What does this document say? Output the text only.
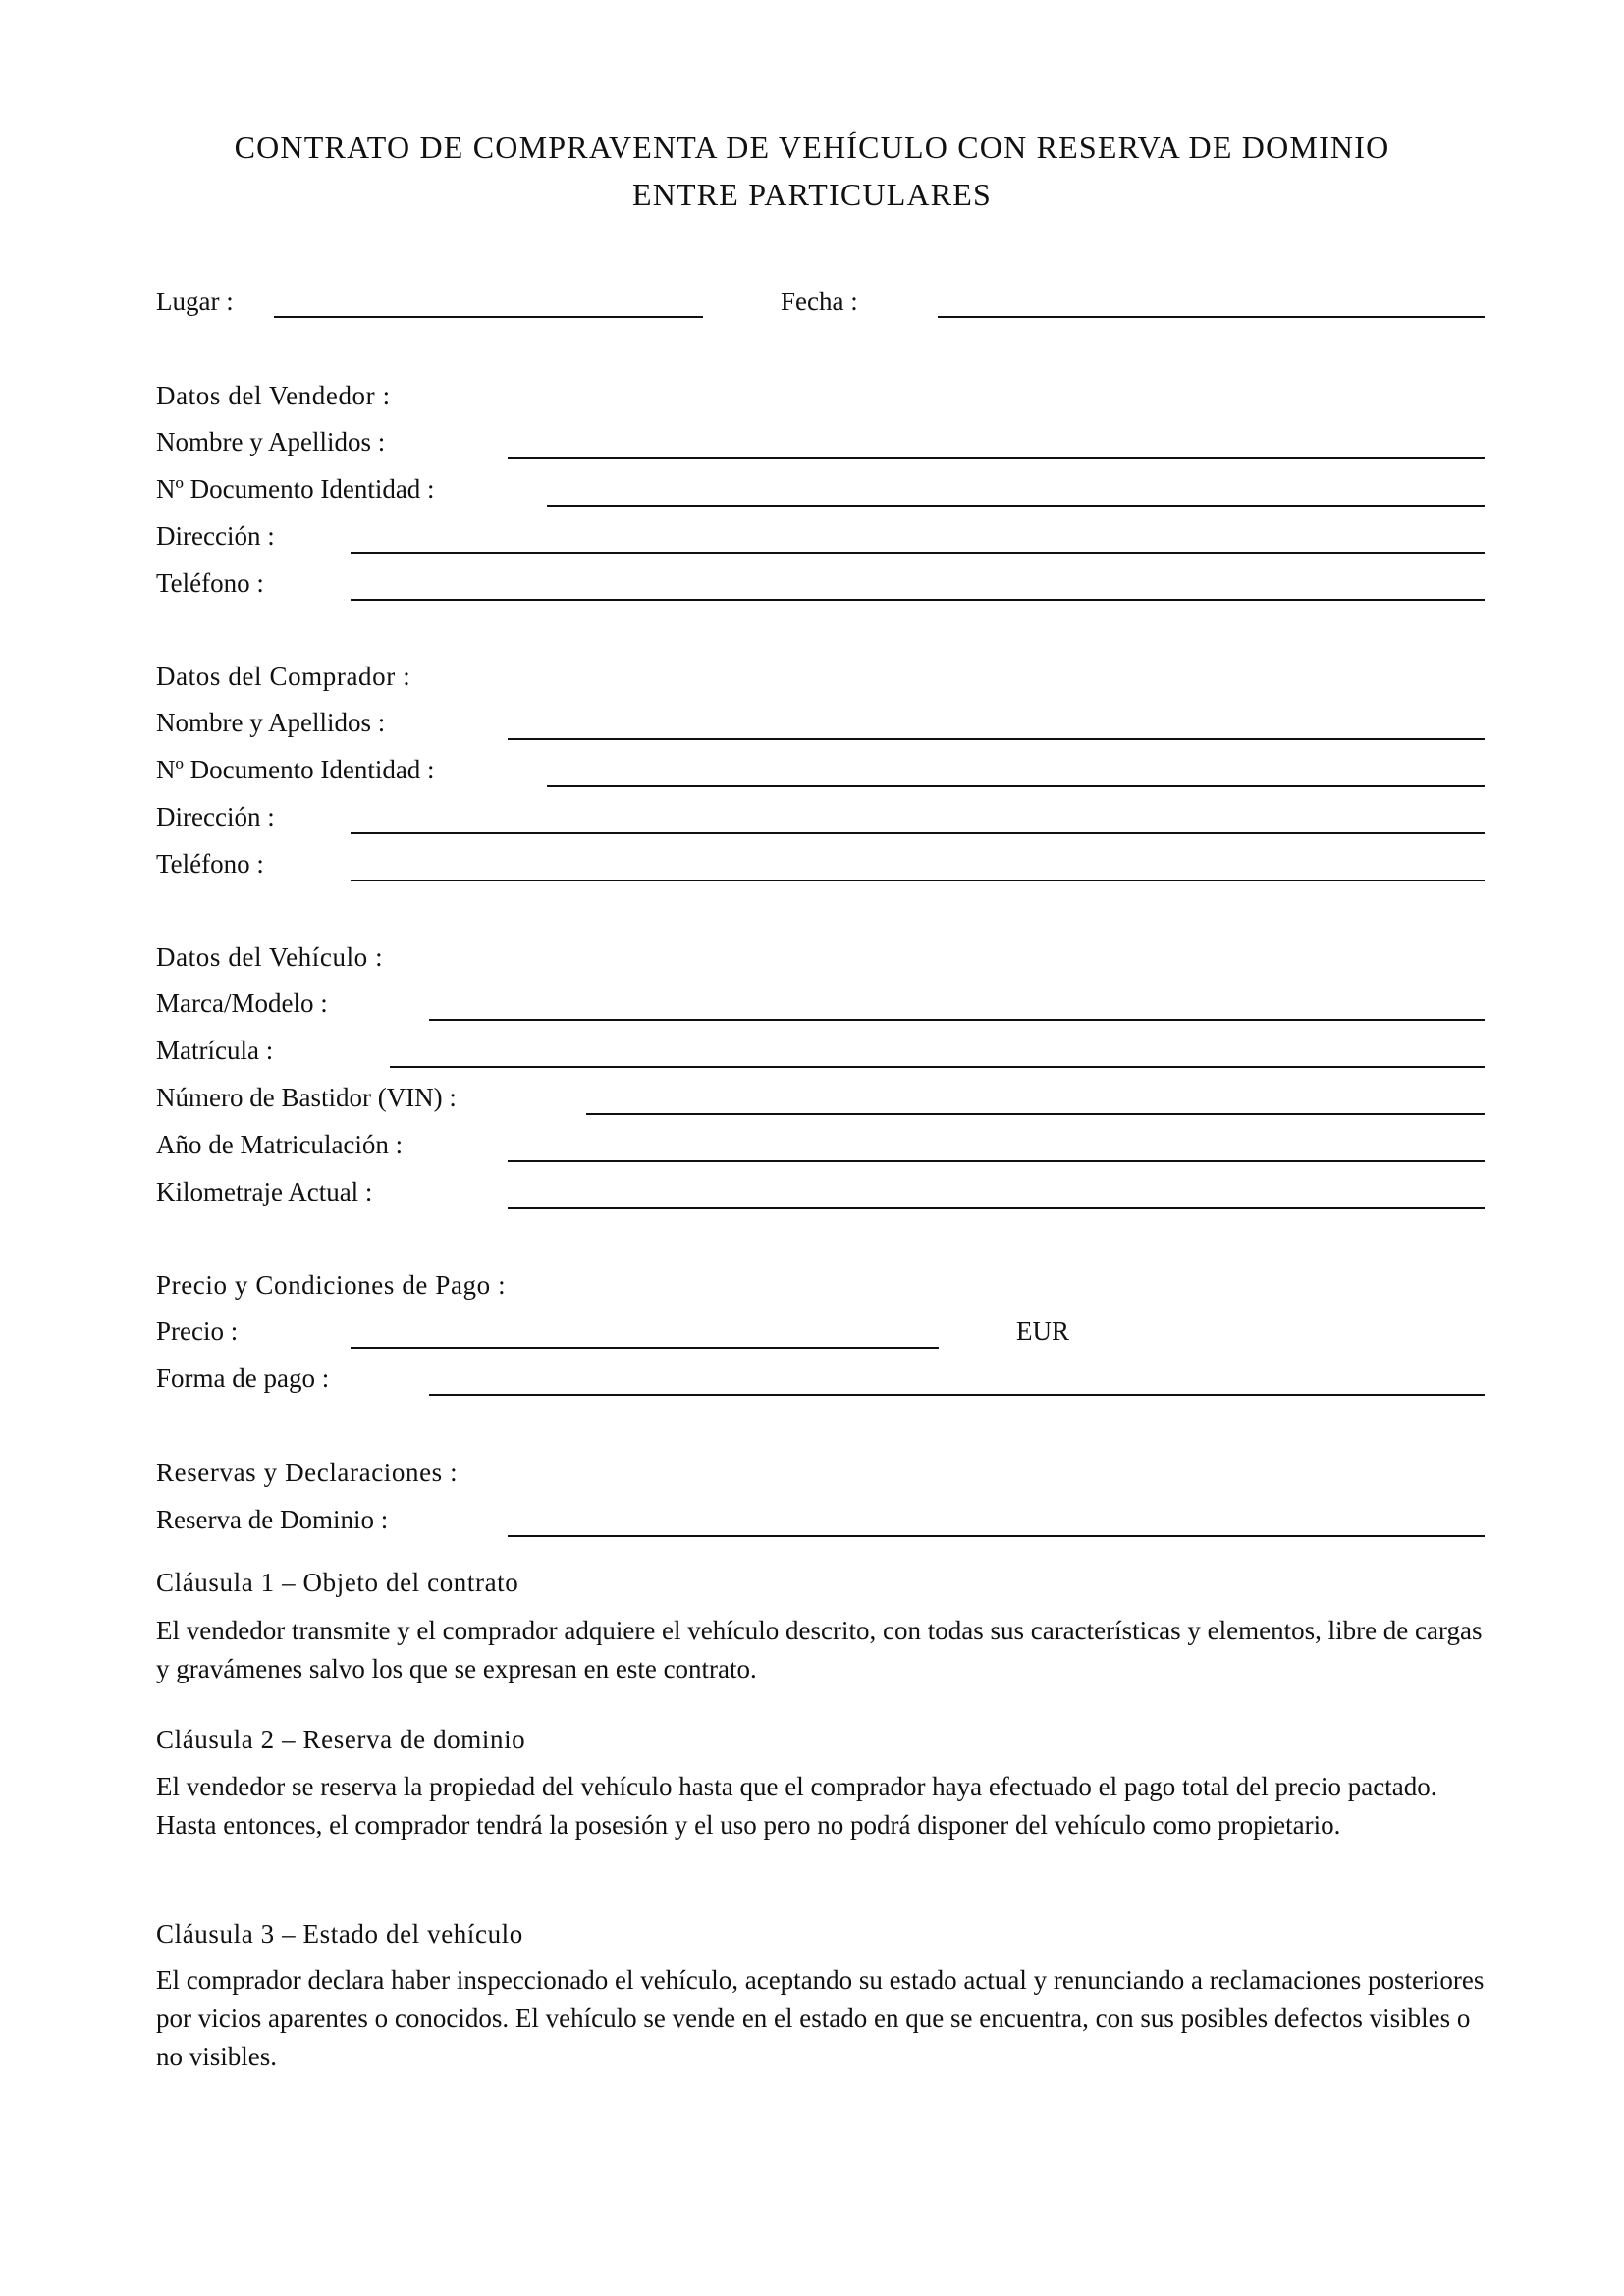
CONTRATO DE COMPRAVENTA DE VEHÍCULO CON RESERVA DE DOMINIO
ENTRE PARTICULARES
Lugar :	Fecha :
Datos del Vendedor :
Nombre y Apellidos :
Nº Documento Identidad :
Dirección :
Teléfono :
Datos del Comprador :
Nombre y Apellidos :
Nº Documento Identidad :
Dirección :
Teléfono :
Datos del Vehículo :
Marca/Modelo :
Matrícula :
Número de Bastidor (VIN) :
Año de Matriculación :
Kilometraje Actual :
Precio y Condiciones de Pago :
Precio :	EUR
Forma de pago :
Reservas y Declaraciones :
Reserva de Dominio :
Cláusula 1 – Objeto del contrato

El vendedor transmite y el comprador adquiere el vehículo descrito, con todas sus características y elementos, libre de cargas y gravámenes salvo los que se expresan en este contrato.

Cláusula 2 – Reserva de dominio

El vendedor se reserva la propiedad del vehículo hasta que el comprador haya efectuado el pago total del precio pactado. Hasta entonces, el comprador tendrá la posesión y el uso pero no podrá disponer del vehículo como propietario.

Cláusula 3 – Estado del vehículo

El comprador declara haber inspeccionado el vehículo, aceptando su estado actual y renunciando a reclamaciones posteriores por vicios aparentes o conocidos. El vehículo se vende en el estado en que se encuentra, con sus posibles defectos visibles o no visibles.
